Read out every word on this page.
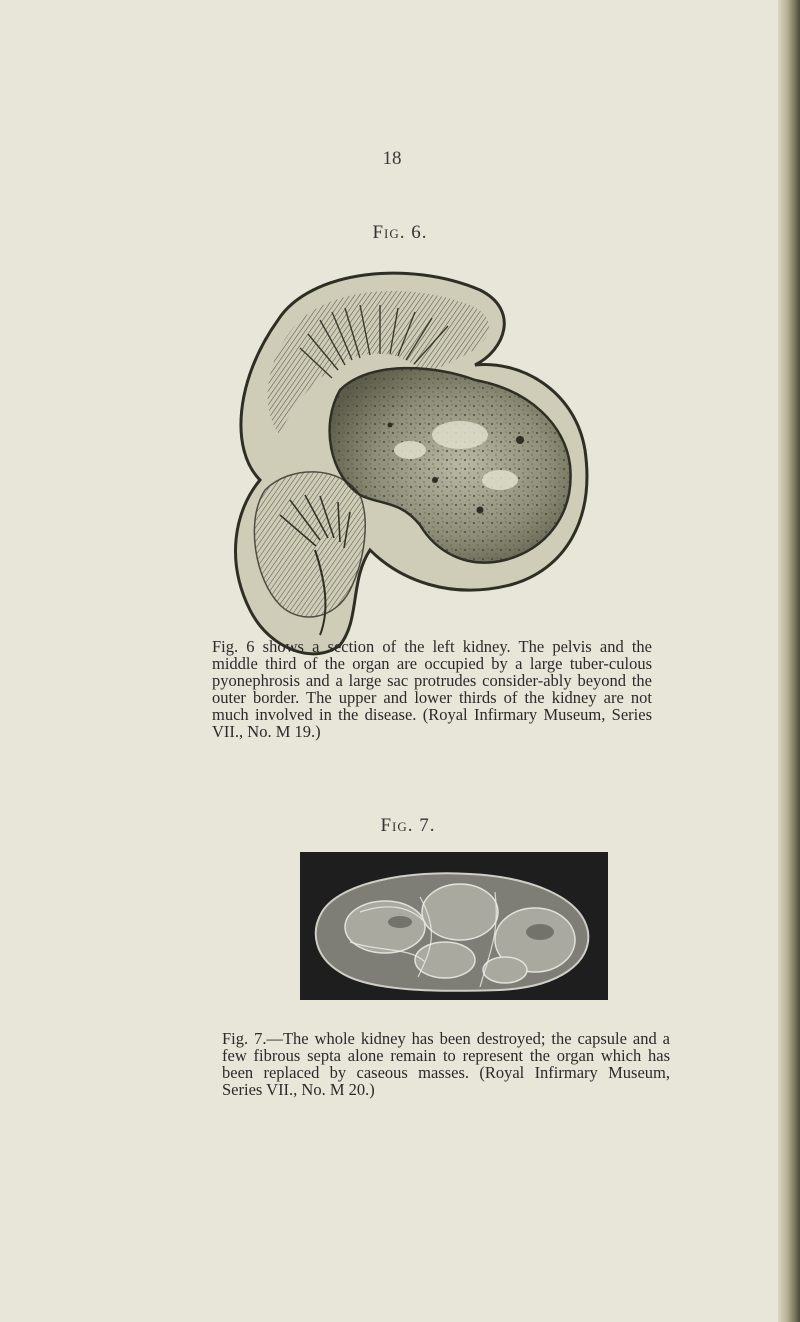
18
Fig. 6.

Fig. 6 shows a section of the left kidney. The pelvis and the middle third of the organ are occupied by a large tuber-culous pyonephrosis and a large sac protrudes consider-ably beyond the outer border. The upper and lower thirds of the kidney are not much involved in the disease. (Royal Infirmary Museum, Series VII., No. M 19.)

Fig. 7.

Fig. 7.—The whole kidney has been destroyed; the capsule and a few fibrous septa alone remain to represent the organ which has been replaced by caseous masses. (Royal Infirmary Museum, Series VII., No. M 20.)
